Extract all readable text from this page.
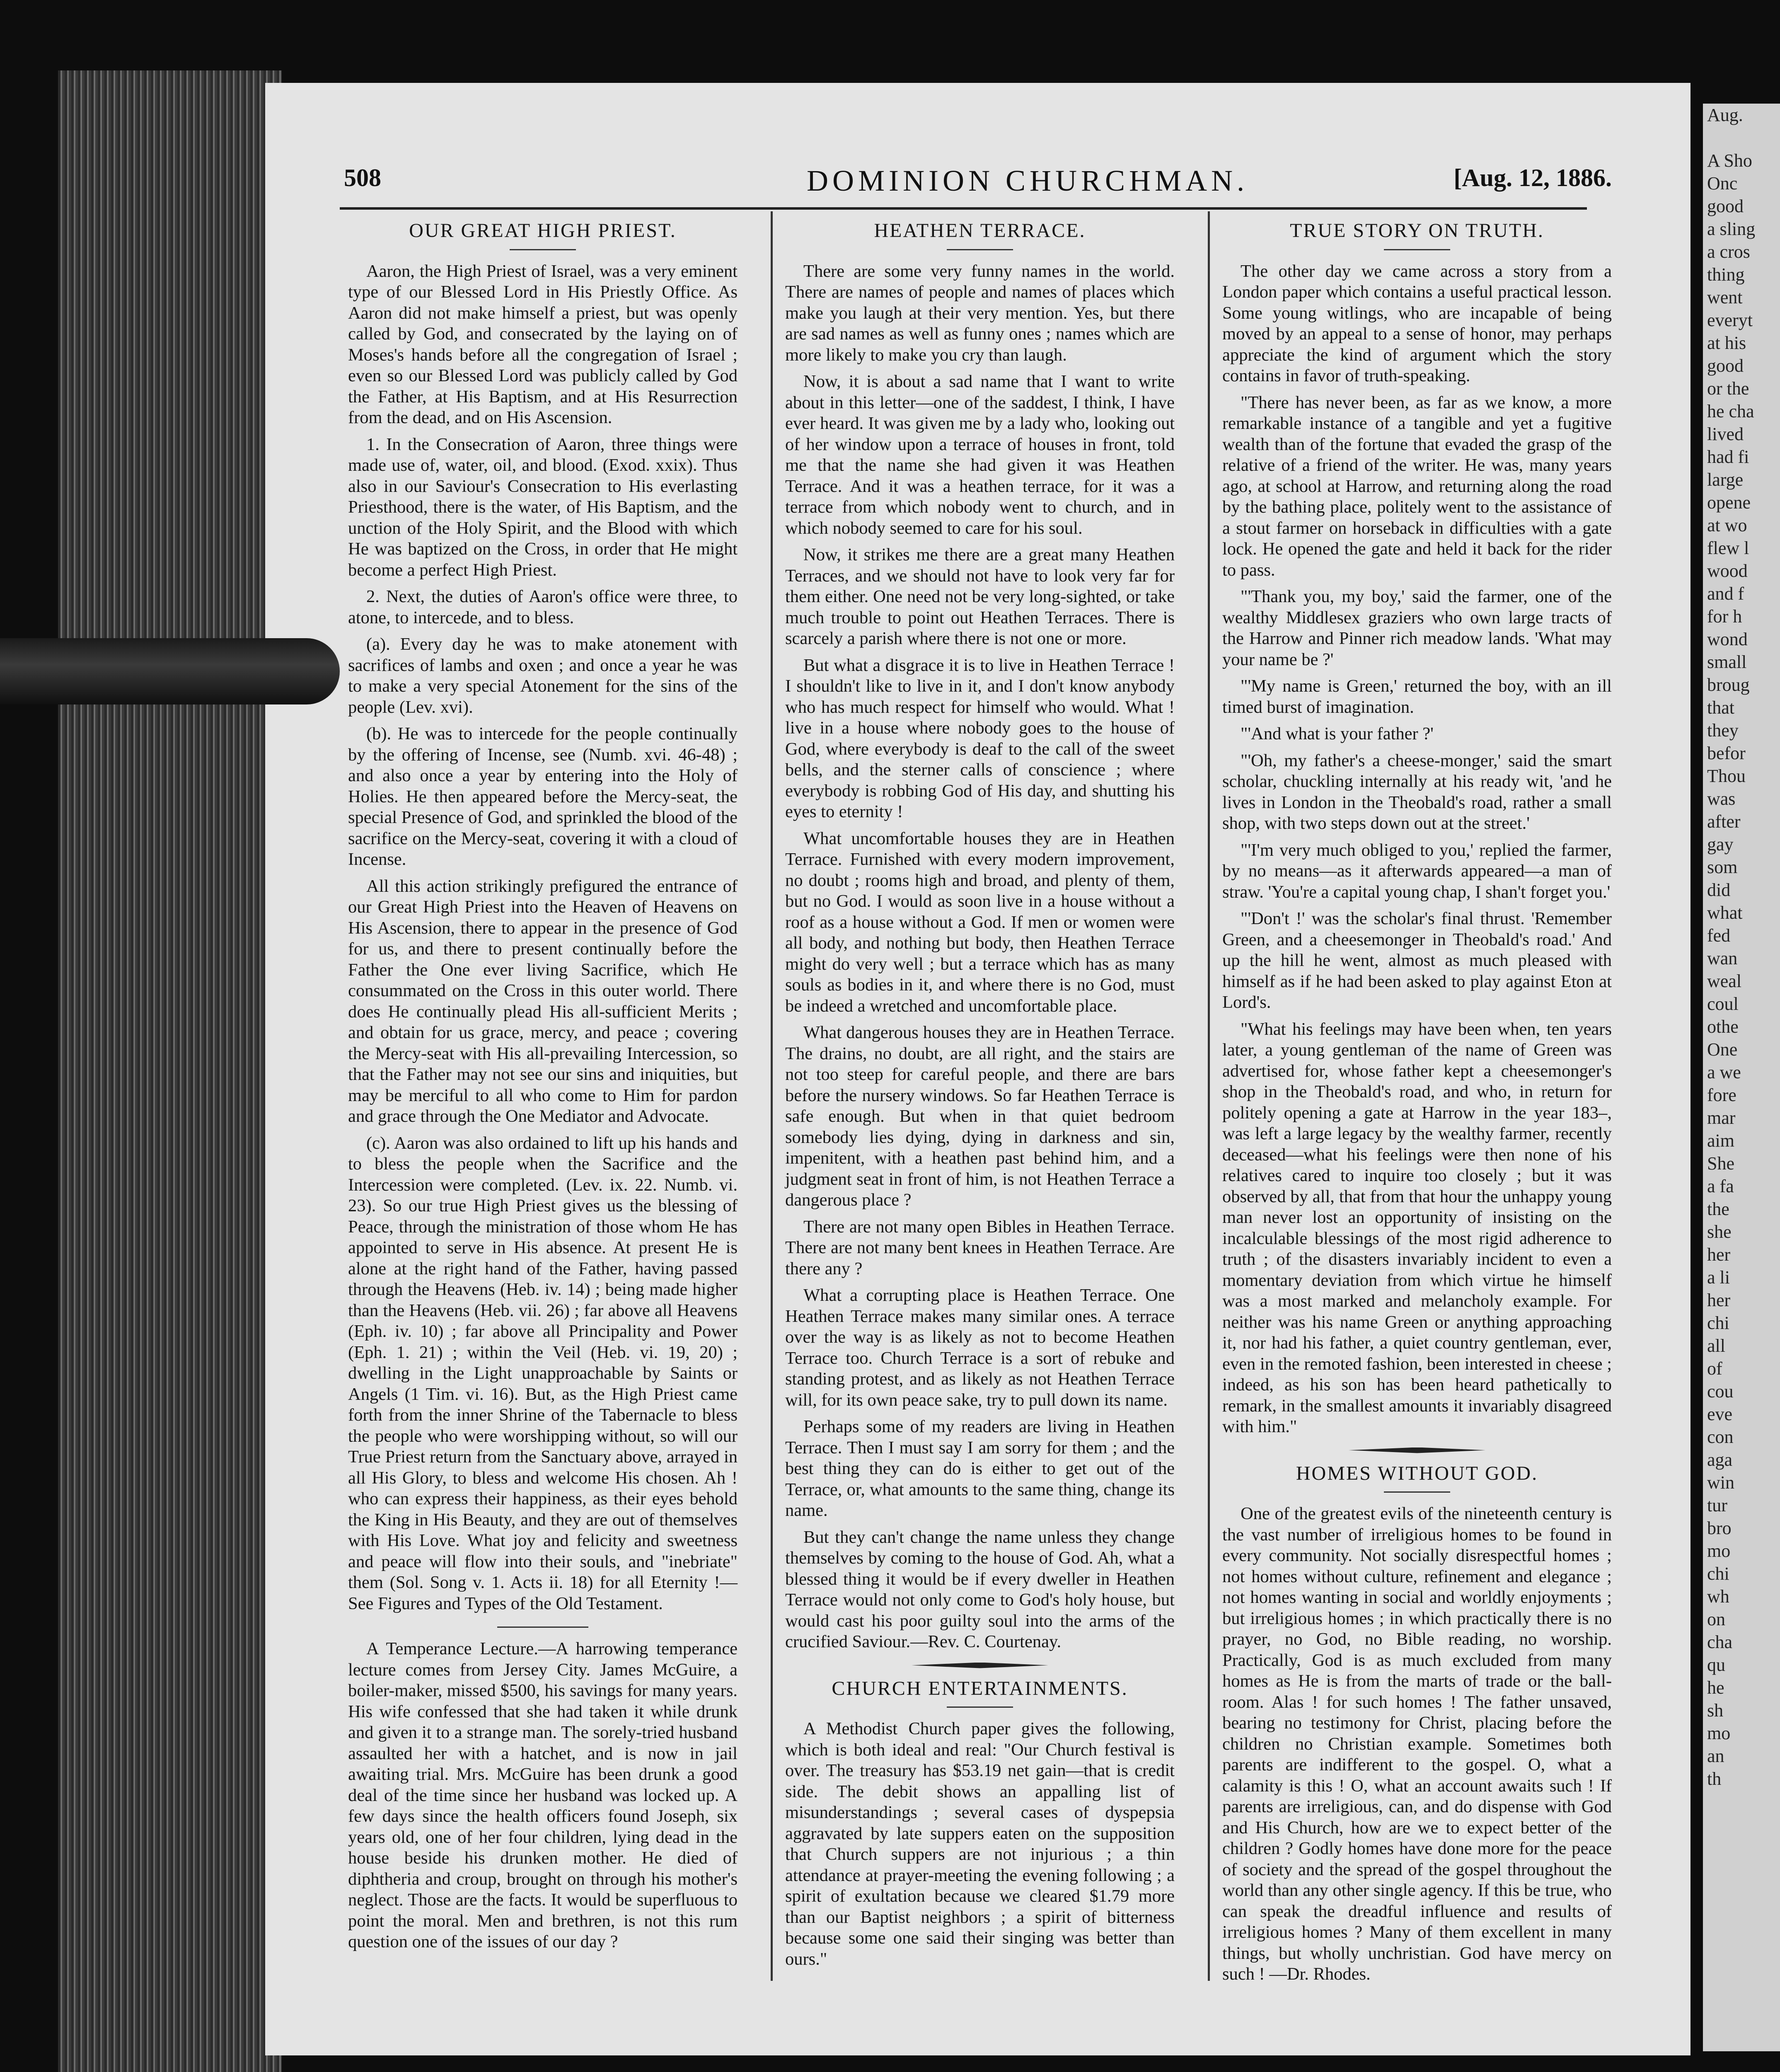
508	DOMINION CHURCHMAN.	[Aug. 12, 1886.
OUR GREAT HIGH PRIEST.

Aaron, the High Priest of Israel, was a very eminent type of our Blessed Lord in His Priestly Office. As Aaron did not make himself a priest, but was openly called by God, and consecrated by the laying on of Moses's hands before all the congregation of Israel ; even so our Blessed Lord was publicly called by God the Father, at His Baptism, and at His Resurrection from the dead, and on His Ascension.

1. In the Consecration of Aaron, three things were made use of, water, oil, and blood. (Exod. xxix). Thus also in our Saviour's Consecration to His everlasting Priesthood, there is the water, of His Baptism, and the unction of the Holy Spirit, and the Blood with which He was baptized on the Cross, in order that He might become a perfect High Priest.

2. Next, the duties of Aaron's office were three, to atone, to intercede, and to bless.

(a). Every day he was to make atonement with sacrifices of lambs and oxen ; and once a year he was to make a very special Atonement for the sins of the people (Lev. xvi).

(b). He was to intercede for the people continually by the offering of Incense, see (Numb. xvi. 46-48) ; and also once a year by entering into the Holy of Holies. He then appeared before the Mercy-seat, the special Presence of God, and sprinkled the blood of the sacrifice on the Mercy-seat, covering it with a cloud of Incense.

All this action strikingly prefigured the entrance of our Great High Priest into the Heaven of Heavens on His Ascension, there to appear in the presence of God for us, and there to present continually before the Father the One ever living Sacrifice, which He consummated on the Cross in this outer world. There does He continually plead His all-sufficient Merits ; and obtain for us grace, mercy, and peace ; covering the Mercy-seat with His all-prevailing Intercession, so that the Father may not see our sins and iniquities, but may be merciful to all who come to Him for pardon and grace through the One Mediator and Advocate.

(c). Aaron was also ordained to lift up his hands and to bless the people when the Sacrifice and the Intercession were completed. (Lev. ix. 22. Numb. vi. 23). So our true High Priest gives us the blessing of Peace, through the ministration of those whom He has appointed to serve in His absence. At present He is alone at the right hand of the Father, having passed through the Heavens (Heb. iv. 14) ; being made higher than the Heavens (Heb. vii. 26) ; far above all Heavens (Eph. iv. 10) ; far above all Principality and Power (Eph. 1. 21) ; within the Veil (Heb. vi. 19, 20) ; dwelling in the Light unapproachable by Saints or Angels (1 Tim. vi. 16). But, as the High Priest came forth from the inner Shrine of the Tabernacle to bless the people who were worshipping without, so will our True Priest return from the Sanctuary above, arrayed in all His Glory, to bless and welcome His chosen. Ah ! who can express their happiness, as their eyes behold the King in His Beauty, and they are out of themselves with His Love. What joy and felicity and sweetness and peace will flow into their souls, and "inebriate" them (Sol. Song v. 1. Acts ii. 18) for all Eternity !—See Figures and Types of the Old Testament.

A Temperance Lecture.—A harrowing temperance lecture comes from Jersey City. James McGuire, a boiler-maker, missed $500, his savings for many years. His wife confessed that she had taken it while drunk and given it to a strange man. The sorely-tried husband assaulted her with a hatchet, and is now in jail awaiting trial. Mrs. McGuire has been drunk a good deal of the time since her husband was locked up. A few days since the health officers found Joseph, six years old, one of her four children, lying dead in the house beside his drunken mother. He died of diphtheria and croup, brought on through his mother's neglect. Those are the facts. It would be superfluous to point the moral. Men and brethren, is not this rum question one of the issues of our day ?

HEATHEN TERRACE.

There are some very funny names in the world. There are names of people and names of places which make you laugh at their very mention. Yes, but there are sad names as well as funny ones ; names which are more likely to make you cry than laugh.

Now, it is about a sad name that I want to write about in this letter—one of the saddest, I think, I have ever heard. It was given me by a lady who, looking out of her window upon a terrace of houses in front, told me that the name she had given it was Heathen Terrace. And it was a heathen terrace, for it was a terrace from which nobody went to church, and in which nobody seemed to care for his soul.

Now, it strikes me there are a great many Heathen Terraces, and we should not have to look very far for them either. One need not be very long-sighted, or take much trouble to point out Heathen Terraces. There is scarcely a parish where there is not one or more.

But what a disgrace it is to live in Heathen Terrace ! I shouldn't like to live in it, and I don't know anybody who has much respect for himself who would. What ! live in a house where nobody goes to the house of God, where everybody is deaf to the call of the sweet bells, and the sterner calls of conscience ; where everybody is robbing God of His day, and shutting his eyes to eternity !

What uncomfortable houses they are in Heathen Terrace. Furnished with every modern improvement, no doubt ; rooms high and broad, and plenty of them, but no God. I would as soon live in a house without a roof as a house without a God. If men or women were all body, and nothing but body, then Heathen Terrace might do very well ; but a terrace which has as many souls as bodies in it, and where there is no God, must be indeed a wretched and uncomfortable place.

What dangerous houses they are in Heathen Terrace. The drains, no doubt, are all right, and the stairs are not too steep for careful people, and there are bars before the nursery windows. So far Heathen Terrace is safe enough. But when in that quiet bedroom somebody lies dying, dying in darkness and sin, impenitent, with a heathen past behind him, and a judgment seat in front of him, is not Heathen Terrace a dangerous place ?

There are not many open Bibles in Heathen Terrace. There are not many bent knees in Heathen Terrace. Are there any ?

What a corrupting place is Heathen Terrace. One Heathen Terrace makes many similar ones. A terrace over the way is as likely as not to become Heathen Terrace too. Church Terrace is a sort of rebuke and standing protest, and as likely as not Heathen Terrace will, for its own peace sake, try to pull down its name.

Perhaps some of my readers are living in Heathen Terrace. Then I must say I am sorry for them ; and the best thing they can do is either to get out of the Terrace, or, what amounts to the same thing, change its name.

But they can't change the name unless they change themselves by coming to the house of God. Ah, what a blessed thing it would be if every dweller in Heathen Terrace would not only come to God's holy house, but would cast his poor guilty soul into the arms of the crucified Saviour.—Rev. C. Courtenay.

CHURCH ENTERTAINMENTS.

A Methodist Church paper gives the following, which is both ideal and real: "Our Church festival is over. The treasury has $53.19 net gain—that is credit side. The debit shows an appalling list of misunderstandings ; several cases of dyspepsia aggravated by late suppers eaten on the supposition that Church suppers are not injurious ; a thin attendance at prayer-meeting the evening following ; a spirit of exultation because we cleared $1.79 more than our Baptist neighbors ; a spirit of bitterness because some one said their singing was better than ours."

TRUE STORY ON TRUTH.

The other day we came across a story from a London paper which contains a useful practical lesson. Some young witlings, who are incapable of being moved by an appeal to a sense of honor, may perhaps appreciate the kind of argument which the story contains in favor of truth-speaking.

"There has never been, as far as we know, a more remarkable instance of a tangible and yet a fugitive wealth than of the fortune that evaded the grasp of the relative of a friend of the writer. He was, many years ago, at school at Harrow, and returning along the road by the bathing place, politely went to the assistance of a stout farmer on horseback in difficulties with a gate lock. He opened the gate and held it back for the rider to pass.

"'Thank you, my boy,' said the farmer, one of the wealthy Middlesex graziers who own large tracts of the Harrow and Pinner rich meadow lands. 'What may your name be ?'

"'My name is Green,' returned the boy, with an ill timed burst of imagination.

"'And what is your father ?'

"'Oh, my father's a cheese-monger,' said the smart scholar, chuckling internally at his ready wit, 'and he lives in London in the Theobald's road, rather a small shop, with two steps down out at the street.'

"'I'm very much obliged to you,' replied the farmer, by no means—as it afterwards appeared—a man of straw. 'You're a capital young chap, I shan't forget you.'

"'Don't !' was the scholar's final thrust. 'Remember Green, and a cheesemonger in Theobald's road.' And up the hill he went, almost as much pleased with himself as if he had been asked to play against Eton at Lord's.

"What his feelings may have been when, ten years later, a young gentleman of the name of Green was advertised for, whose father kept a cheesemonger's shop in the Theobald's road, and who, in return for politely opening a gate at Harrow in the year 183–, was left a large legacy by the wealthy farmer, recently deceased—what his feelings were then none of his relatives cared to inquire too closely ; but it was observed by all, that from that hour the unhappy young man never lost an opportunity of insisting on the incalculable blessings of the most rigid adherence to truth ; of the disasters invariably incident to even a momentary deviation from which virtue he himself was a most marked and melancholy example. For neither was his name Green or anything approaching it, nor had his father, a quiet country gentleman, ever, even in the remoted fashion, been interested in cheese ; indeed, as his son has been heard pathetically to remark, in the smallest amounts it invariably disagreed with him."

HOMES WITHOUT GOD.

One of the greatest evils of the nineteenth century is the vast number of irreligious homes to be found in every community. Not socially disrespectful homes ; not homes without culture, refinement and elegance ; not homes wanting in social and worldly enjoyments ; but irreligious homes ; in which practically there is no prayer, no God, no Bible reading, no worship. Practically, God is as much excluded from many homes as He is from the marts of trade or the ball-room. Alas ! for such homes ! The father unsaved, bearing no testimony for Christ, placing before the children no Christian example. Sometimes both parents are indifferent to the gospel. O, what a calamity is this ! O, what an account awaits such ! If parents are irreligious, can, and do dispense with God and His Church, how are we to expect better of the children ? Godly homes have done more for the peace of society and the spread of the gospel throughout the world than any other single agency. If this be true, who can speak the dreadful influence and results of irreligious homes ? Many of them excellent in many things, but wholly unchristian. God have mercy on such ! —Dr. Rhodes.

Aug.

A Sho
Onc
good
a sling
a cros
thing
went
everyt
at his
good
or the
he cha
lived
had fi
large
opene
at wo
flew l
wood
and f
for h
wond
small
broug
that
they
befor
Thou
was
after
gay
som
did
what
fed
wan
weal
coul
othe
One
a we
fore
mar
aim
She
a fa
the
she
her
a li
her
chi
all
of
cou
eve
con
aga
win
tur
bro
mo
chi
wh
on
cha
qu
he
sh
mo
an
th
